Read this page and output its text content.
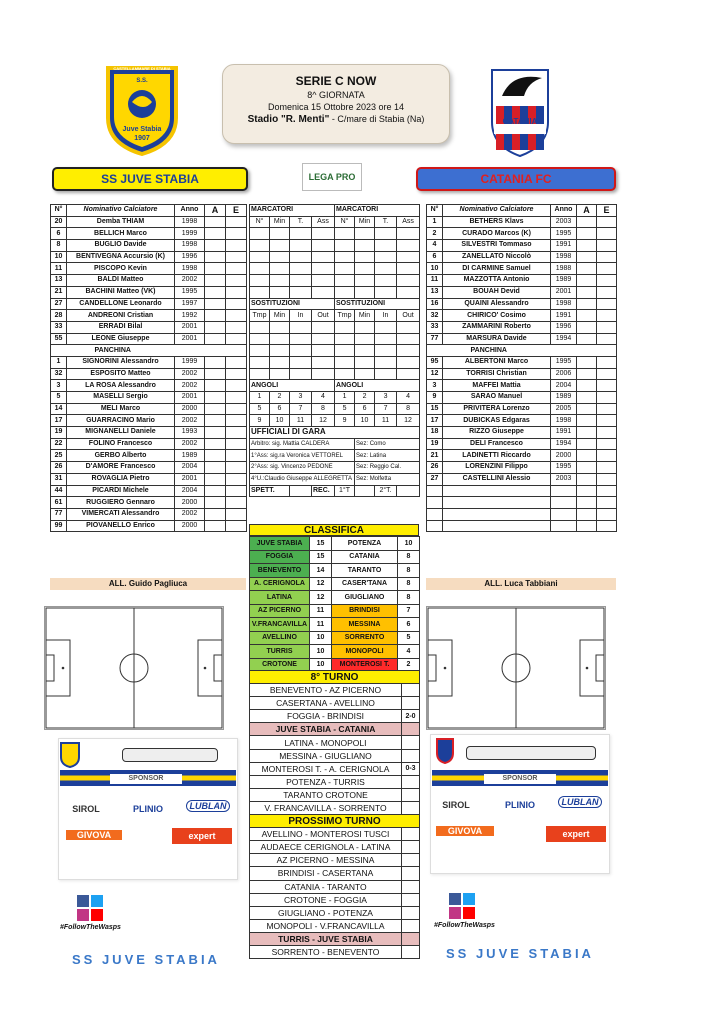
S.S.
Juve Stabia
1907
CASTELLAMMARE DI STABIA
SERIE C NOW
8^ GIORNATA
Domenica 15 Ottobre 2023 ore 14
Stadio "R. Menti" - C/mare di Stabia (Na)	CATANIA
SS JUVE STABIA	LEGA PRO	CATANIA FC
N°	Nominativo Calciatore	Anno	A	E
20	Demba THIAM	1998		
6	BELLICH Marco	1999		
8	BUGLIO Davide	1998		
10	BENTIVEGNA Accursio (K)	1996		
11	PISCOPO Kevin	1998		
13	BALDI Matteo	2002		
21	BACHINI Matteo (VK)	1995		
27	CANDELLONE Leonardo	1997		
28	ANDREONI Cristian	1992		
33	ERRADI Bilal	2001		
55	LEONE Giuseppe	2001		
PANCHINA				
1	SIGNORINI Alessandro	1999		
32	ESPOSITO Matteo	2002		
3	LA ROSA Alessandro	2002		
5	MASELLI Sergio	2001		
14	MELI Marco	2000		
17	GUARRACINO Mario	2002		
19	MIGNANELLI Daniele	1993		
22	FOLINO Francesco	2002		
25	GERBO Alberto	1989		
26	D'AMORE Francesco	2004		
31	ROVAGLIA Pietro	2001		
44	PICARDI Michele	2004		
61	RUGGIERO Gennaro	2000		
77	VIMERCATI Alessandro	2002		
99	PIOVANELLO Enrico	2000		
ALL. Guido Pagliuca
N°	Nominativo Calciatore	Anno	A	E
1	BETHERS Klavs	2003		
2	CURADO Marcos (K)	1995		
4	SILVESTRI Tommaso	1991		
6	ZANELLATO Niccolò	1998		
10	DI CARMINE Samuel	1988		
11	MAZZOTTA Antonio	1989		
13	BOUAH Devid	2001		
16	QUAINI Alessandro	1998		
32	CHIRICO' Cosimo	1991		
33	ZAMMARINI Roberto	1996		
77	MARSURA Davide	1994		
PANCHINA				
95	ALBERTONI Marco	1995		
12	TORRISI Christian	2006		
3	MAFFEI Mattia	2004		
9	SARAO Manuel	1989		
15	PRIVITERA Lorenzo	2005		
17	DUBICKAS Edgaras	1998		
18	RIZZO Giuseppe	1991		
19	DELI Francesco	1994		
21	LADINETTI Riccardo	2000		
26	LORENZINI Filippo	1995		
27	CASTELLINI Alessio	2003		

ALL. Luca Tabbiani
MARCATORI				MARCATORI			
N°	Min	T.	Ass	N°	Min	T.	Ass

SOSTITUZIONI				SOSTITUZIONI			
Tmp	Min	In	Out	Tmp	Min	In	Out

ANGOLI				ANGOLI			
1	2	3	4	1	2	3	4
5	6	7	8	5	6	7	8
9	10	11	12	9	10	11	12
UFFICIALI DI GARA							
Arbitro: sig. Mattia CALDERA					Sez: Como		
1°Ass: sig.ra Veronica VETTOREL					Sez: Latina		
2°Ass: sig. Vincenzo PEDONE					Sez: Reggio Cal.		
4°U.:Claudio Giuseppe ALLEGRETTA					Sez: Molfetta		
SPETT.			REC.	1°T		2°T.	
CLASSIFICA
JUVE STABIA	15	POTENZA	10
FOGGIA	15	CATANIA	8
BENEVENTO	14	TARANTO	8
A. CERIGNOLA	12	CASER'TANA	8
LATINA	12	GIUGLIANO	8
AZ PICERNO	11	BRINDISI	7
V.FRANCAVILLA	11	MESSINA	6
AVELLINO	10	SORRENTO	5
TURRIS	10	MONOPOLI	4
CROTONE	10	MONTEROSI T.	2
8° TURNO	
BENEVENTO - AZ PICERNO	
CASERTANA - AVELLINO	
FOGGIA - BRINDISI	2-0
JUVE STABIA - CATANIA	
LATINA - MONOPOLI	
MESSINA - GIUGLIANO	
MONTEROSI T. - A. CERIGNOLA	0-3
POTENZA - TURRIS	
TARANTO CROTONE	
V. FRANCAVILLA - SORRENTO	
PROSSIMO TURNO	
AVELLINO - MONTEROSI TUSCI	
AUDAECE CERIGNOLA - LATINA	
AZ PICERNO - MESSINA	
BRINDISI - CASERTANA	
CATANIA - TARANTO	
CROTONE - FOGGIA	
GIUGLIANO - POTENZA	
MONOPOLI - V.FRANCAVILLA	
TURRIS - JUVE STABIA	
SORRENTO - BENEVENTO	
SPONSOR
SIROL	PLINIO	LUBLAN
GIVOVA	expert
#FollowTheWasps
SS JUVE STABIA
SPONSOR
SIROL	PLINIO	LUBLAN
GIVOVA	expert
#FollowTheWasps
SS JUVE STABIA
